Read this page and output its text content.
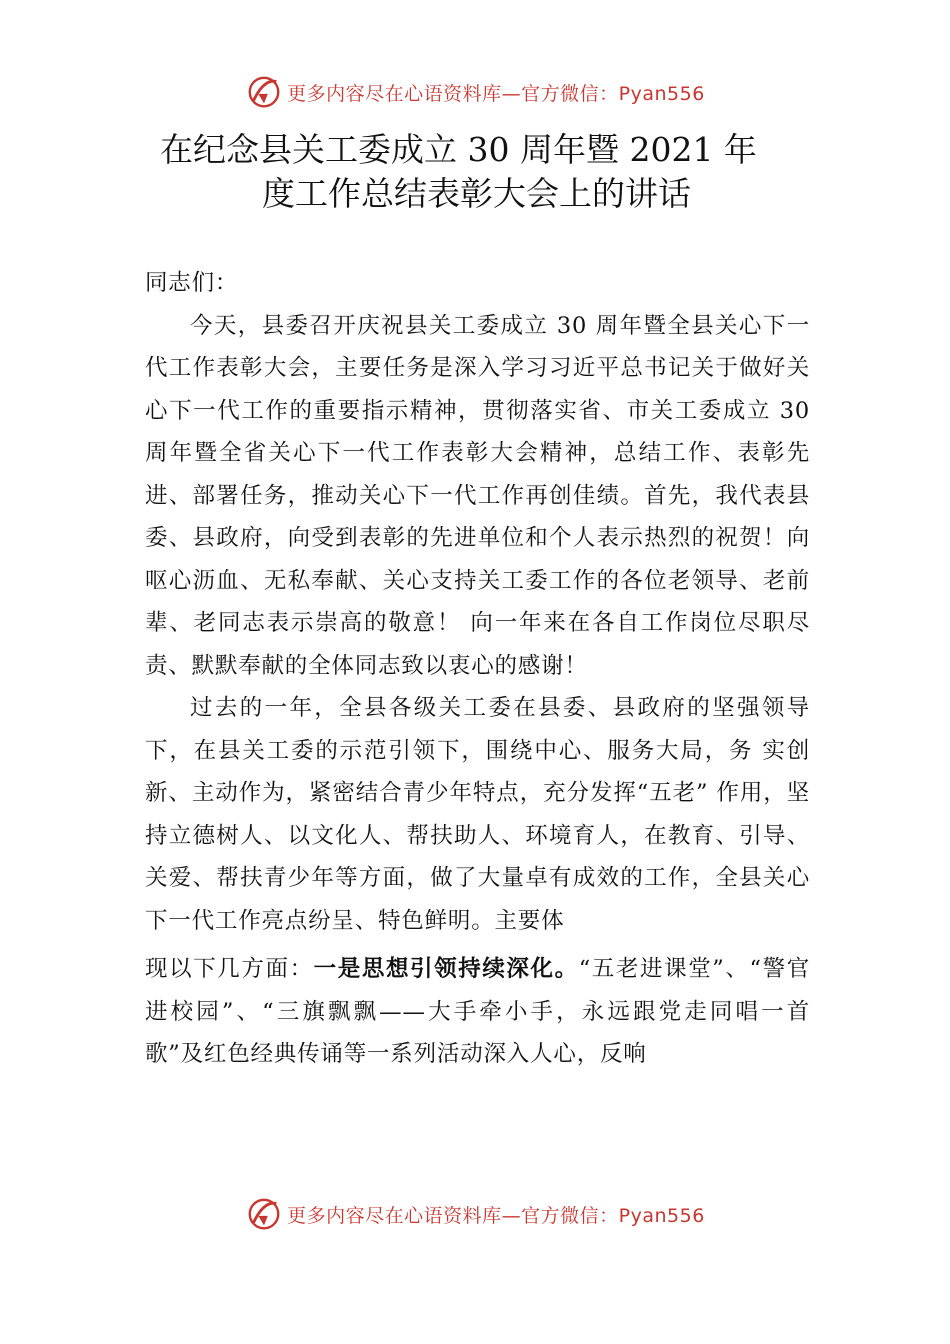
更多内容尽在心语资料库—官方微信：Pyan556
在纪念县关工委成立 30 周年暨 2021 年
度工作总结表彰大会上的讲话

同志们：

今天，县委召开庆祝县关工委成立 30 周年暨全县关心下一代工作表彰大会，主要任务是深入学习习近平总书记关于做好关心下一代工作的重要指示精神，贯彻落实省、市关工委成立 30 周年暨全省关心下一代工作表彰大会精神，总结工作、表彰先进、部署任务，推动关心下一代工作再创佳绩。首先，我代表县委、县政府，向受到表彰的先进单位和个人表示热烈的祝贺！向呕心沥血、无私奉献、关心支持关工委工作的各位老领导、老前辈、老同志表示崇高的敬意！ 向一年来在各自工作岗位尽职尽责、默默奉献的全体同志致以衷心的感谢！

过去的一年，全县各级关工委在县委、县政府的坚强领导下，在县关工委的示范引领下，围绕中心、服务大局，务 实创新、主动作为，紧密结合青少年特点，充分发挥“五老” 作用，坚持立德树人、以文化人、帮扶助人、环境育人，在教育、引导、关爱、帮扶青少年等方面，做了大量卓有成效的工作，全县关心下一代工作亮点纷呈、特色鲜明。主要体

现以下几方面：一是思想引领持续深化。“五老进课堂”、“警官进校园”、“三旗飘飘——大手牵小手，永远跟党走同唱一首歌”及红色经典传诵等一系列活动深入人心，反响

更多内容尽在心语资料库—官方微信：Pyan556
